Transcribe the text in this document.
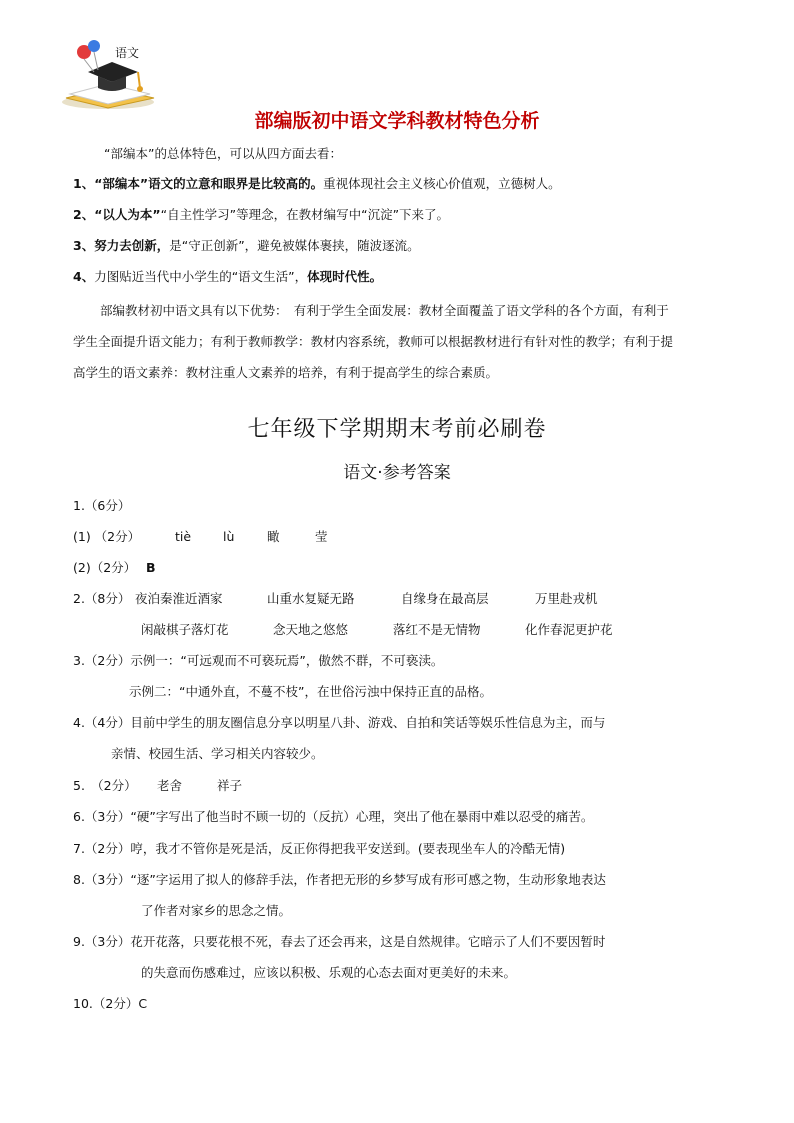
语文
部编版初中语文学科教材特色分析
“部编本”的总体特色，可以从四方面去看：
1、“部编本”语文的立意和眼界是比较高的。重视体现社会主义核心价值观，立德树人。
2、“以人为本”“自主性学习”等理念，在教材编写中“沉淀”下来了。
3、努力去创新，是“守正创新”，避免被媒体裹挟，随波逐流。
4、力图贴近当代中小学生的“语文生活”，体现时代性。
部编教材初中语文具有以下优势：　有利于学生全面发展：教材全面覆盖了语文学科的各个方面，有利于学生全面提升语文能力；有利于教师教学：教材内容系统，教师可以根据教材进行有针对性的教学；有利于提高学生的语文素养：教材注重人文素养的培养，有利于提高学生的综合素质。
七年级下学期期末考前必刷卷
语文·参考答案
1.（6分）
(1) （2分）	tiè	lù	瞰	莹
(2)（2分） B
2.（8分） 夜泊秦淮近酒家	山重水复疑无路	自缘身在最高层	万里赴戎机
闲敲棋子落灯花	念天地之悠悠	落红不是无情物	化作春泥更护花
3.（2分）示例一：“可远观而不可亵玩焉”，傲然不群，不可亵渎。
示例二：“中通外直，不蔓不枝”，在世俗污浊中保持正直的品格。
4.（4分）目前中学生的朋友圈信息分享以明星八卦、游戏、自拍和笑话等娱乐性信息为主，而与
亲情、校园生活、学习相关内容较少。
5.　（2分） 老舍	祥子
6.（3分）“硬”字写出了他当时不顾一切的（反抗）心理，突出了他在暴雨中难以忍受的痛苦。
7.（2分）哼，我才不管你是死是活，反正你得把我平安送到。(要表现坐车人的冷酷无情)
8.（3分）“逐”字运用了拟人的修辞手法，作者把无形的乡梦写成有形可感之物，生动形象地表达
了作者对家乡的思念之情。
9.（3分）花开花落，只要花根不死，春去了还会再来，这是自然规律。它暗示了人们不要因暂时
的失意而伤感难过，应该以积极、乐观的心态去面对更美好的未来。
10.（2分）C
